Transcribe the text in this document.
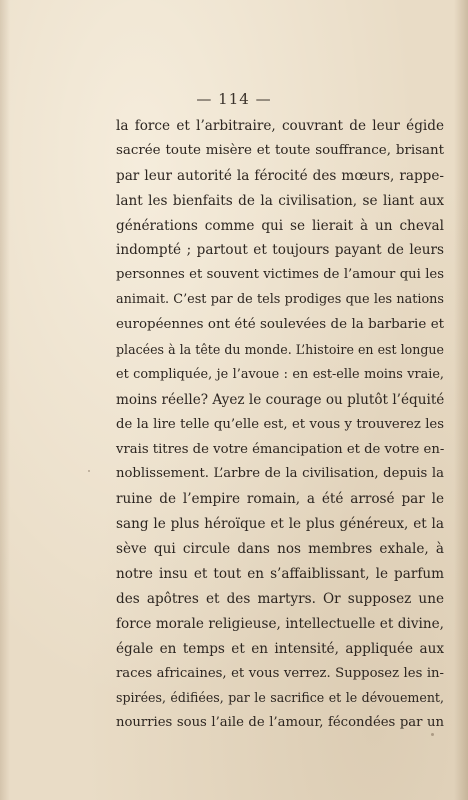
— 114 —
la force et l’arbitraire, couvrant de leur égide
sacrée toute misère et toute souffrance, brisant
par leur autorité la férocité des mœurs, rappe-
lant les bienfaits de la civilisation, se liant aux
générations comme qui se lierait à un cheval
indompté ; partout et toujours payant de leurs
personnes et souvent victimes de l’amour qui les
animait. C’est par de tels prodiges que les nations
européennes ont été soulevées de la barbarie et
placées à la tête du monde. L’histoire en est longue
et compliquée, je l’avoue : en est-elle moins vraie,
moins réelle? Ayez le courage ou plutôt l’équité
de la lire telle qu’elle est, et vous y trouverez les
vrais titres de votre émancipation et de votre en-
noblissement. L’arbre de la civilisation, depuis la
ruine de l’empire romain, a été arrosé par le
sang le plus héroïque et le plus généreux, et la
sève qui circule dans nos membres exhale, à
notre insu et tout en s’affaiblissant, le parfum
des apôtres et des martyrs. Or supposez une
force morale religieuse, intellectuelle et divine,
égale en temps et en intensité, appliquée aux
races africaines, et vous verrez. Supposez les in-
spirées, édifiées, par le sacrifice et le dévouement,
nourries sous l’aile de l’amour, fécondées par un
